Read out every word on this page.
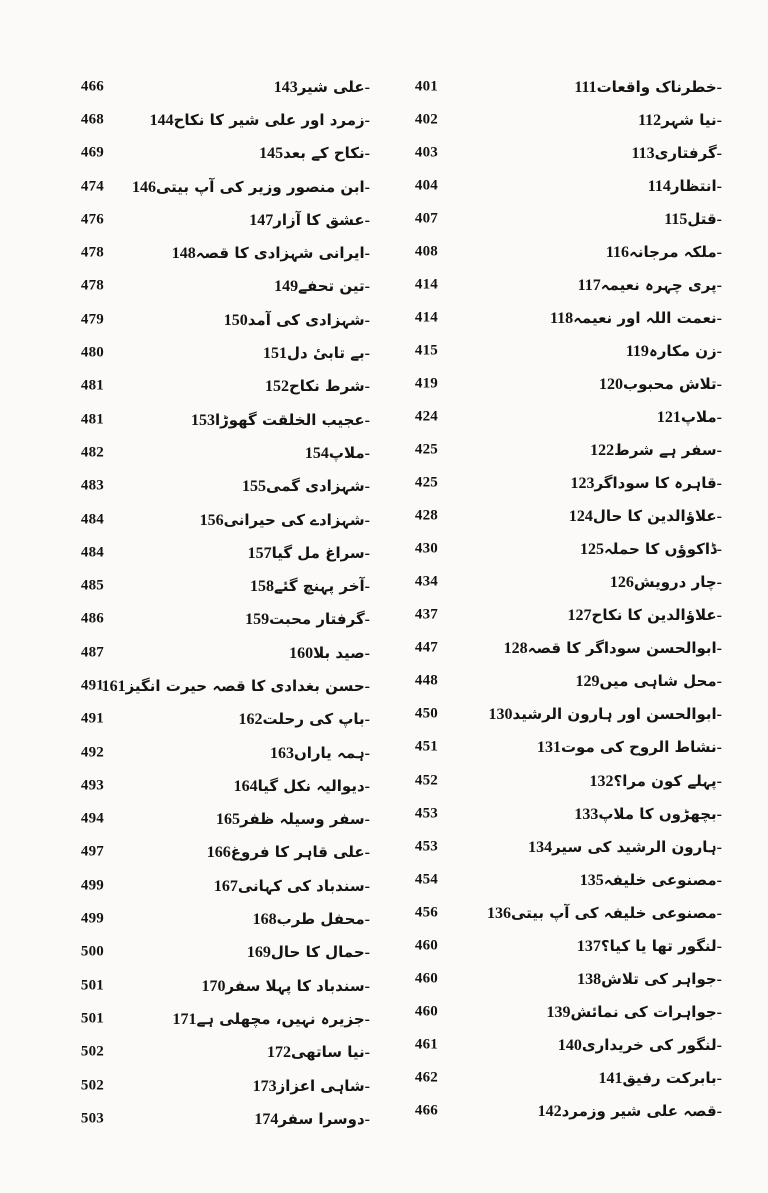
466	علی شیر143-
468	زمرد اور علی شیر کا نکاح144-
469	نکاح کے بعد145-
474	ابن منصور وزیر کی آپ بیتی146-
476	عشق کا آزار147-
478	ایرانی شہزادی کا قصہ148-
478	تین تحفے149-
479	شہزادی کی آمد150-
480	بے تابیٔ دل151-
481	شرط نکاح152-
481	عجیب الخلقت گھوڑا153-
482	ملاپ154-
483	شہزادی گمی155-
484	شہزادے کی حیرانی156-
484	سراغ مل گیا157-
485	آخر پہنچ گئے158-
486	گرفتار محبت159-
487	صید بلا160-
491	حسن بغدادی کا قصہ حیرت انگیز161-
491	باپ کی رحلت162-
492	ہمہ یاراں163-
493	دیوالیہ نکل گیا164-
494	سفر وسیلہ ظفر165-
497	علی قاہر کا فروغ166-
499	سندباد کی کہانی167-
499	محفل طرب168-
500	حمال کا حال169-
501	سندباد کا پہلا سفر170-
501	جزیرہ نہیں، مچھلی ہے171-
502	نیا ساتھی172-
502	شاہی اعزاز173-
503	دوسرا سفر174-
401	خطرناک واقعات111-
402	نیا شہر112-
403	گرفتاری113-
404	انتظار114-
407	قتل115-
408	ملکہ مرجانہ116-
414	پری چہرہ نعیمہ117-
414	نعمت اللہ اور نعیمہ118-
415	زن مکارہ119-
419	تلاش محبوب120-
424	ملاپ121-
425	سفر ہے شرط122-
425	قاہرہ کا سوداگر123-
428	علاؤالدین کا حال124-
430	ڈاکوؤں کا حملہ125-
434	چار درویش126-
437	علاؤالدین کا نکاح127-
447	ابوالحسن سوداگر کا قصہ128-
448	محل شاہی میں129-
450	ابوالحسن اور ہارون الرشید130-
451	نشاط الروح کی موت131-
452	پہلے کون مرا؟132-
453	بچھڑوں کا ملاپ133-
453	ہارون الرشید کی سیر134-
454	مصنوعی خلیفہ135-
456	مصنوعی خلیفہ کی آپ بیتی136-
460	لنگور تھا یا کیا؟137-
460	جواہر کی تلاش138-
460	جواہرات کی نمائش139-
461	لنگور کی خریداری140-
462	بابرکت رفیق141-
466	قصہ علی شیر وزمرد142-
